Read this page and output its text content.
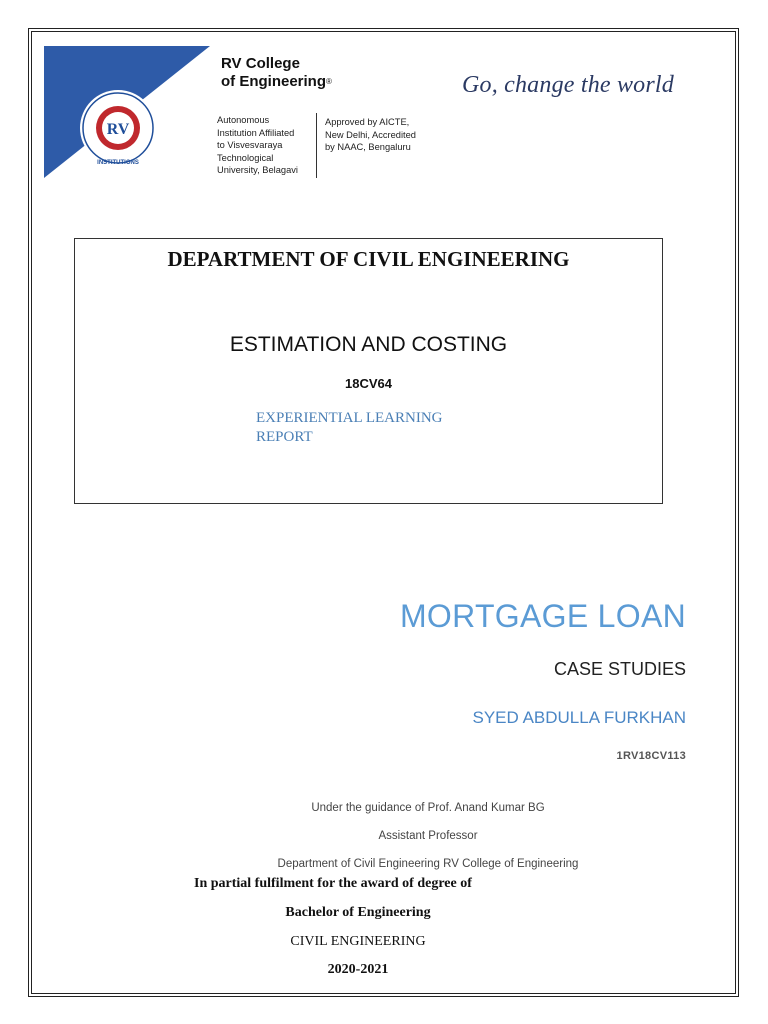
RV
INSTITUTIONS
RV College
of Engineering®
Autonomous
Institution Affiliated
to Visvesvaraya
Technological
University, Belagavi
Approved by AICTE,
New Delhi, Accredited
by NAAC, Bengaluru
Go, change the world
DEPARTMENT OF CIVIL ENGINEERING
ESTIMATION AND COSTING
18CV64
EXPERIENTIAL LEARNING
REPORT
MORTGAGE LOAN
CASE STUDIES
SYED ABDULLA FURKHAN
1RV18CV113
Under the guidance of Prof. Anand Kumar BG
Assistant Professor
Department of Civil Engineering RV College of Engineering
In partial fulfilment for the award of degree of
Bachelor of Engineering
CIVIL ENGINEERING
2020-2021
